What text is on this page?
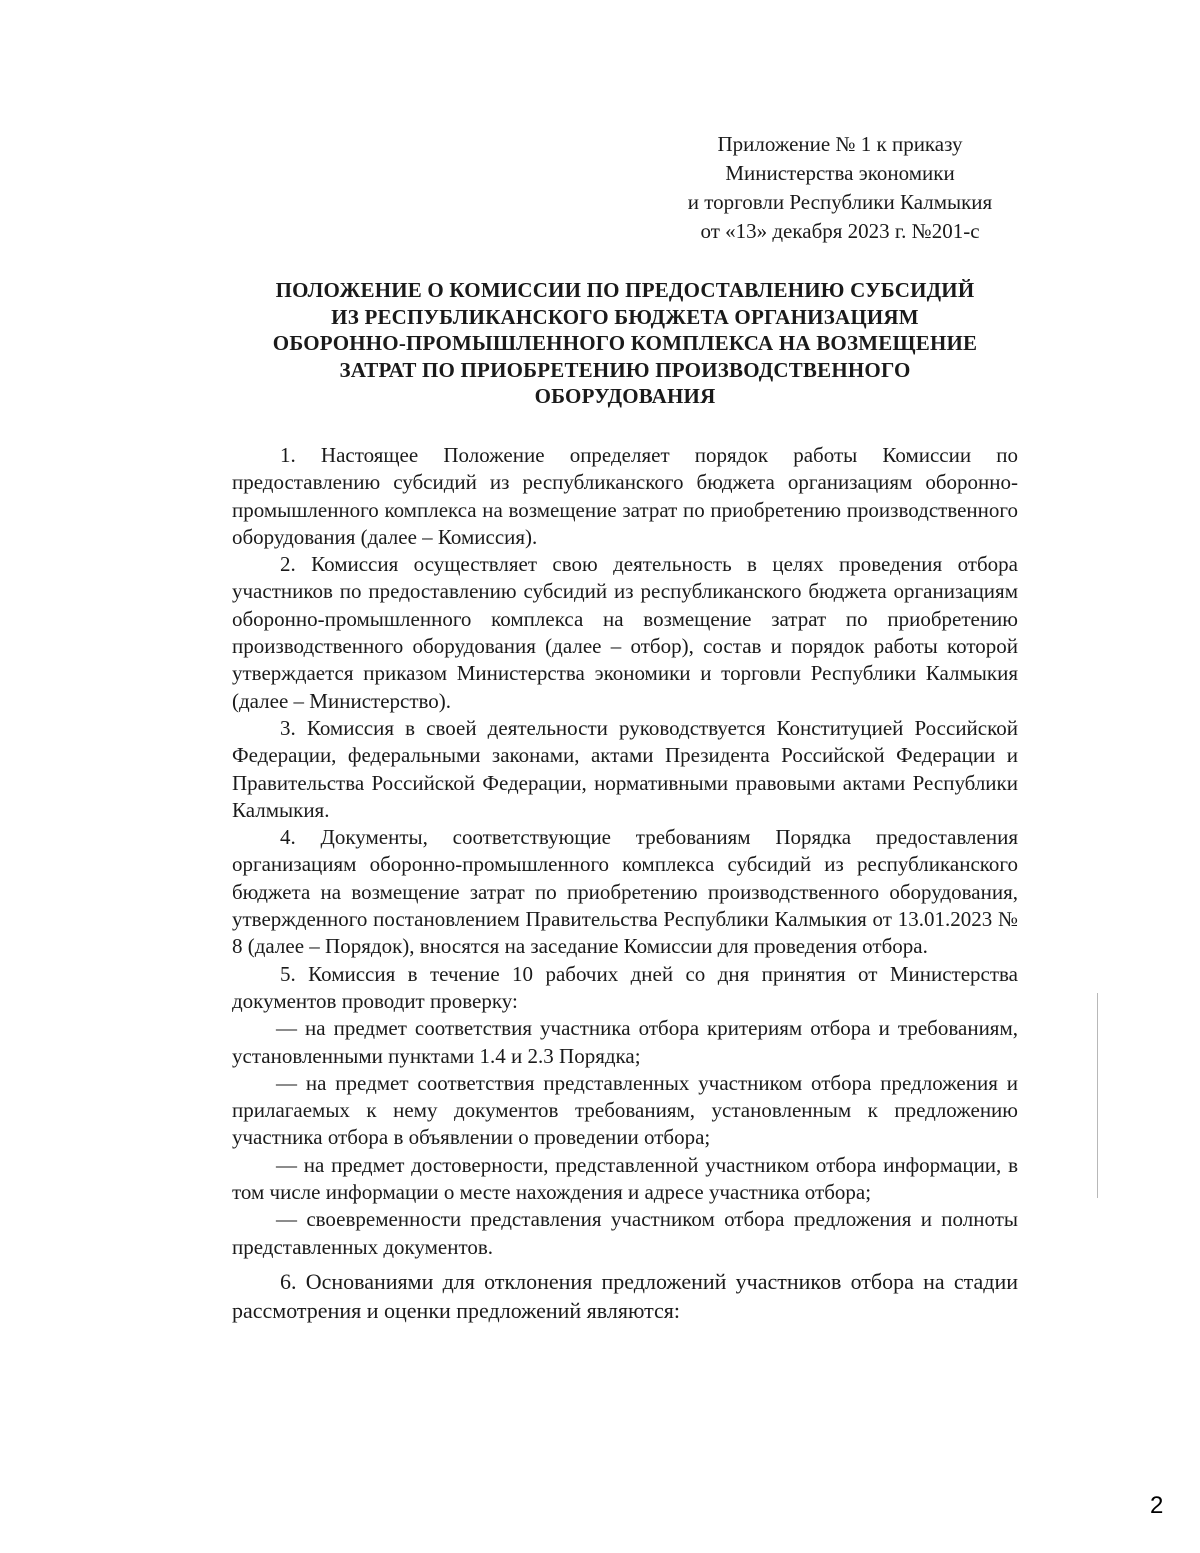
Приложение № 1 к приказу
Министерства экономики
и торговли Республики Калмыкия
от «13» декабря 2023 г. №201-с
ПОЛОЖЕНИЕ О КОМИССИИ ПО ПРЕДОСТАВЛЕНИЮ СУБСИДИЙ
ИЗ РЕСПУБЛИКАНСКОГО БЮДЖЕТА ОРГАНИЗАЦИЯМ
ОБОРОННО-ПРОМЫШЛЕННОГО КОМПЛЕКСА НА ВОЗМЕЩЕНИЕ
ЗАТРАТ ПО ПРИОБРЕТЕНИЮ ПРОИЗВОДСТВЕННОГО
ОБОРУДОВАНИЯ

1. Настоящее Положение определяет порядок работы Комиссии по предоставлению субсидий из республиканского бюджета организациям оборонно-промышленного комплекса на возмещение затрат по приобретению производственного оборудования (далее – Комиссия).

2. Комиссия осуществляет свою деятельность в целях проведения отбора участников по предоставлению субсидий из республиканского бюджета организациям оборонно-промышленного комплекса на возмещение затрат по приобретению производственного оборудования (далее – отбор), состав и порядок работы которой утверждается приказом Министерства экономики и торговли Республики Калмыкия (далее – Министерство).

3. Комиссия в своей деятельности руководствуется Конституцией Российской Федерации, федеральными законами, актами Президента Российской Федерации и Правительства Российской Федерации, нормативными правовыми актами Республики Калмыкия.

4. Документы, соответствующие требованиям Порядка предоставления организациям оборонно-промышленного комплекса субсидий из республиканского бюджета на возмещение затрат по приобретению производственного оборудования, утвержденного постановлением Правительства Республики Калмыкия от 13.01.2023 № 8 (далее – Порядок), вносятся на заседание Комиссии для проведения отбора.

5. Комиссия в течение 10 рабочих дней со дня принятия от Министерства документов проводит проверку:

— на предмет соответствия участника отбора критериям отбора и требованиям, установленными пунктами 1.4 и 2.3 Порядка;

— на предмет соответствия представленных участником отбора предложения и прилагаемых к нему документов требованиям, установленным к предложению участника отбора в объявлении о проведении отбора;

— на предмет достоверности, представленной участником отбора информации, в том числе информации о месте нахождения и адресе участника отбора;

— своевременности представления участником отбора предложения и полноты представленных документов.

6. Основаниями для отклонения предложений участников отбора на стадии рассмотрения и оценки предложений являются:

2
